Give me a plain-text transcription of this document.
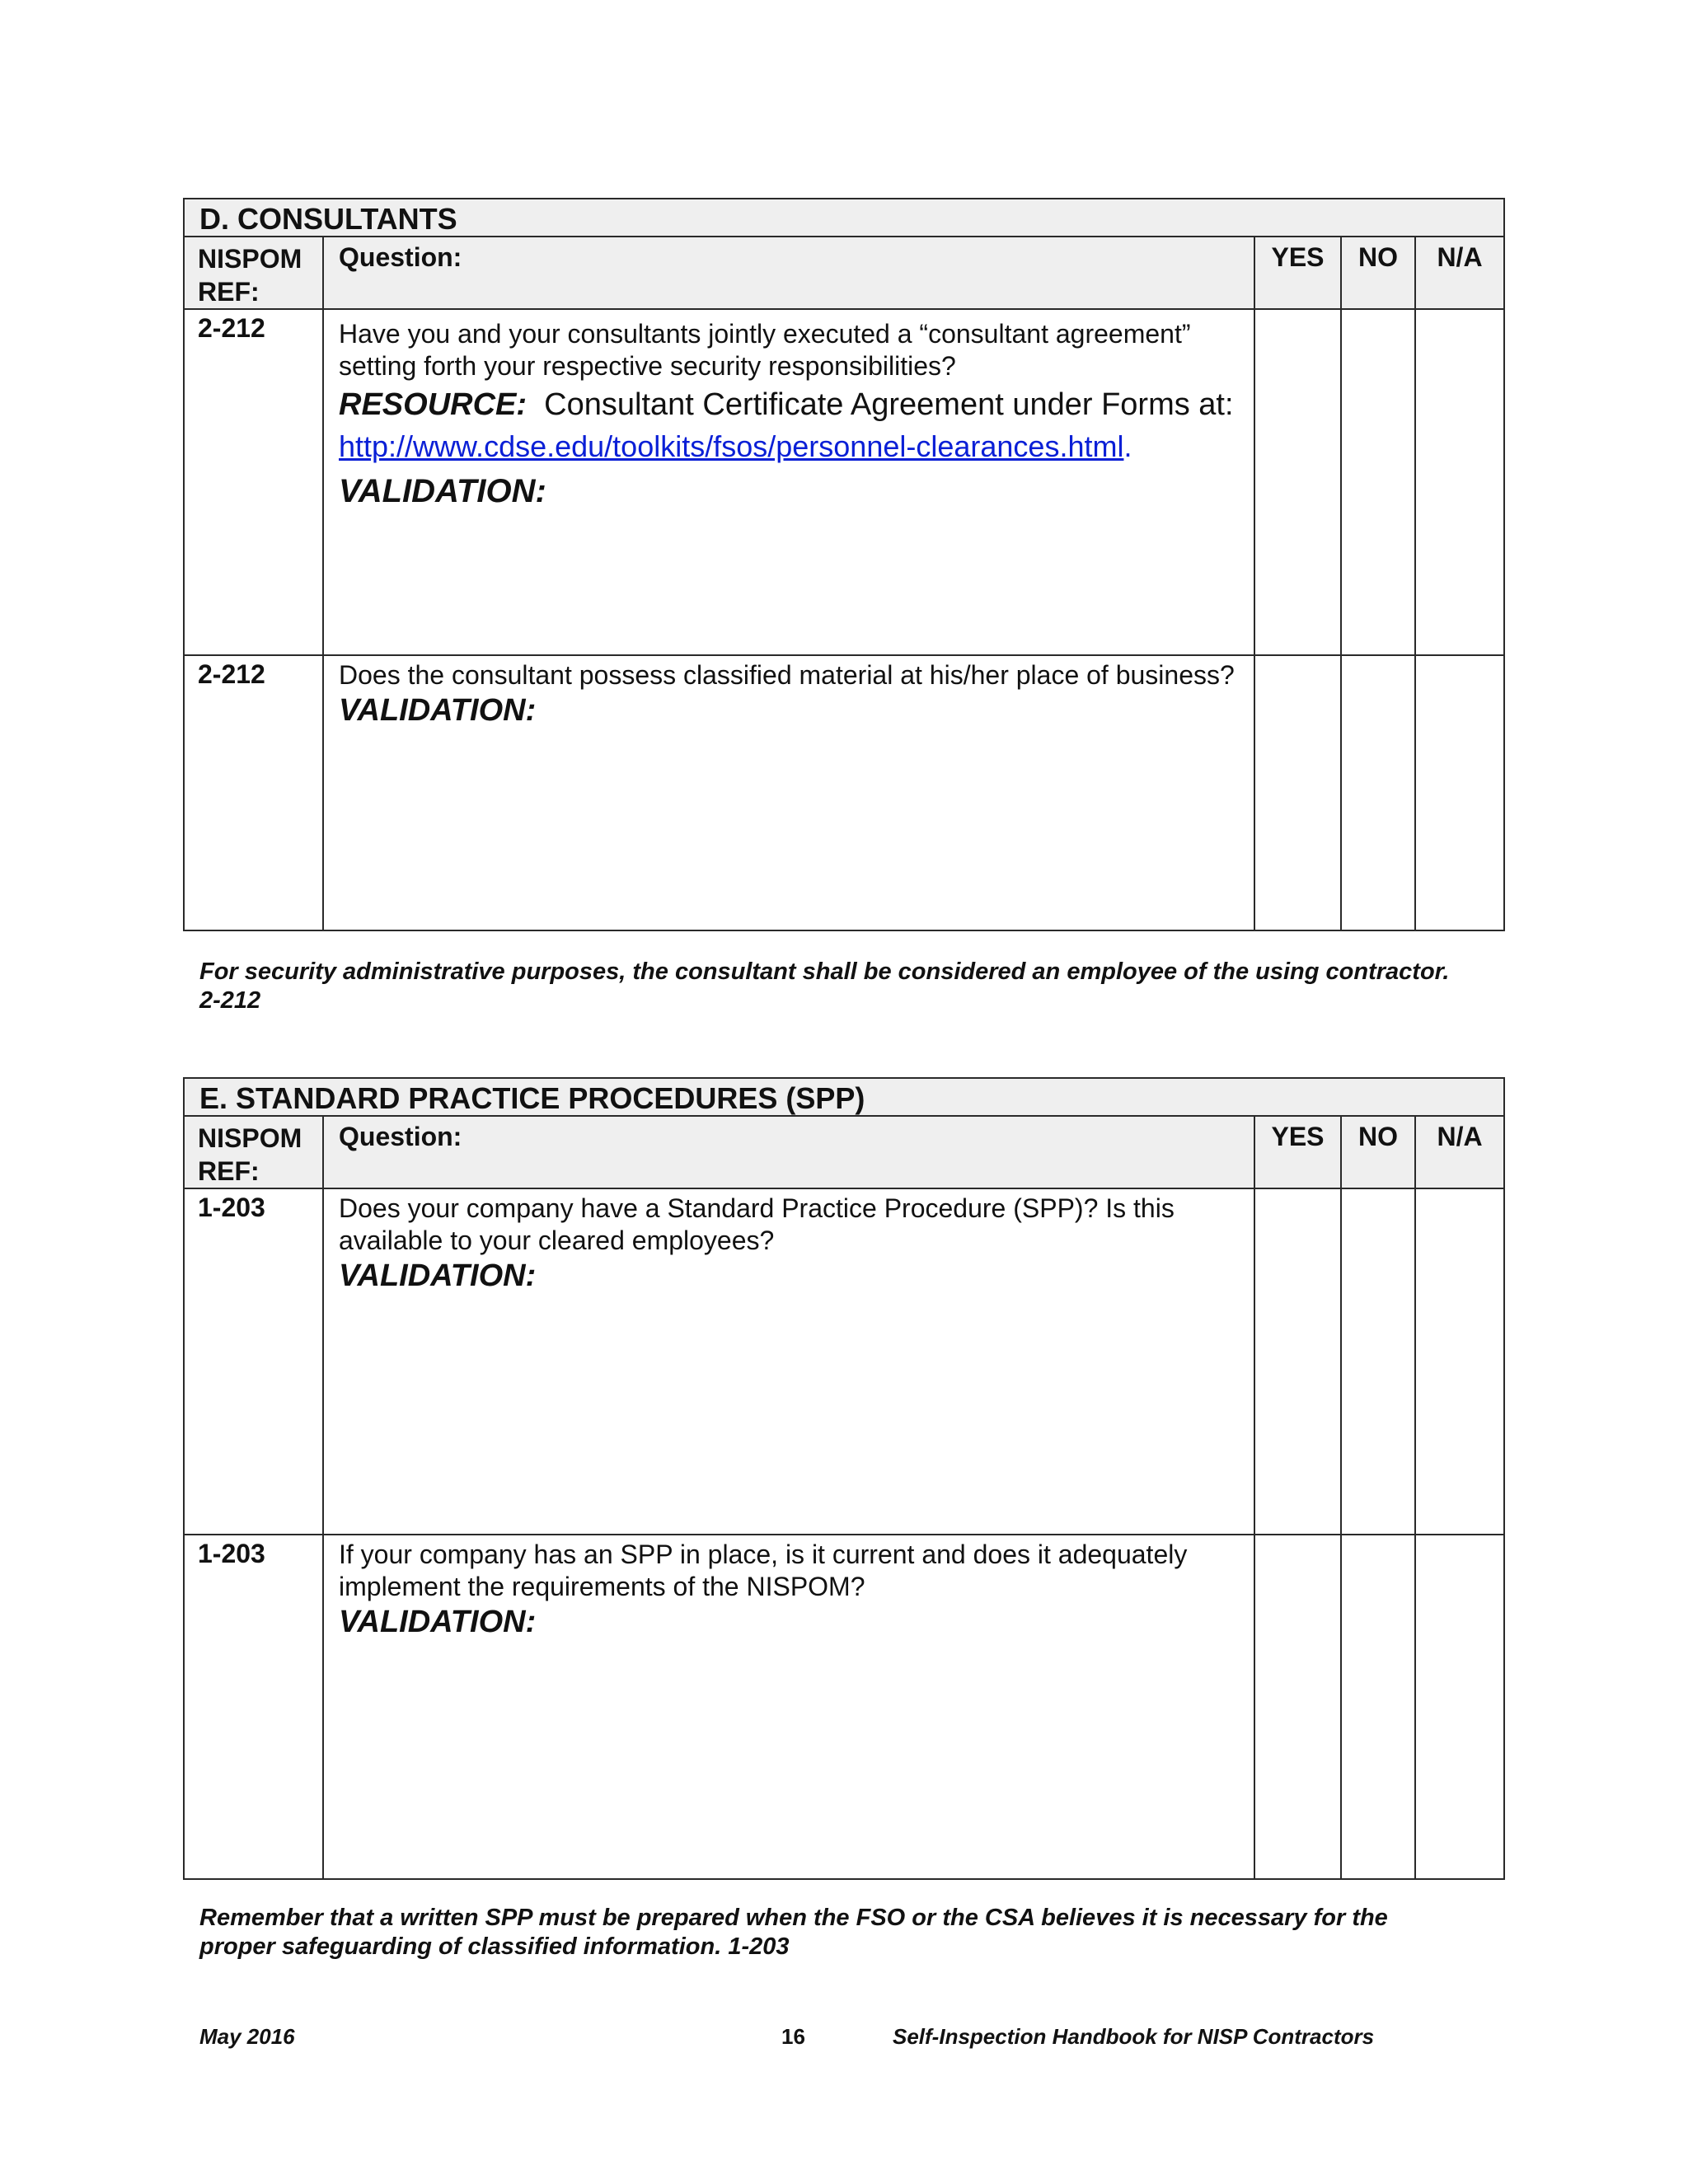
D. CONSULTANTS				
NISPOM REF:	Question:	YES	NO	N/A
2-212	Have you and your consultants jointly executed a “consultant agreement” setting forth your respective security responsibilities?
RESOURCE: Consultant Certificate Agreement under Forms at:
http://www.cdse.edu/toolkits/fsos/personnel-clearances.html.
VALIDATION:			

2-212	Does the consultant possess classified material at his/her place of business?
VALIDATION:			

For security administrative purposes, the consultant shall be considered an employee of the using contractor. 2-212

E. STANDARD PRACTICE PROCEDURES (SPP)				
NISPOM REF:	Question:	YES	NO	N/A
1-203	Does your company have a Standard Practice Procedure (SPP)? Is this available to your cleared employees?
VALIDATION:			

1-203	If your company has an SPP in place, is it current and does it adequately implement the requirements of the NISPOM?
VALIDATION:			

Remember that a written SPP must be prepared when the FSO or the CSA believes it is necessary for the proper safeguarding of classified information. 1-203

May 2016	16	Self-Inspection Handbook for NISP Contractors
